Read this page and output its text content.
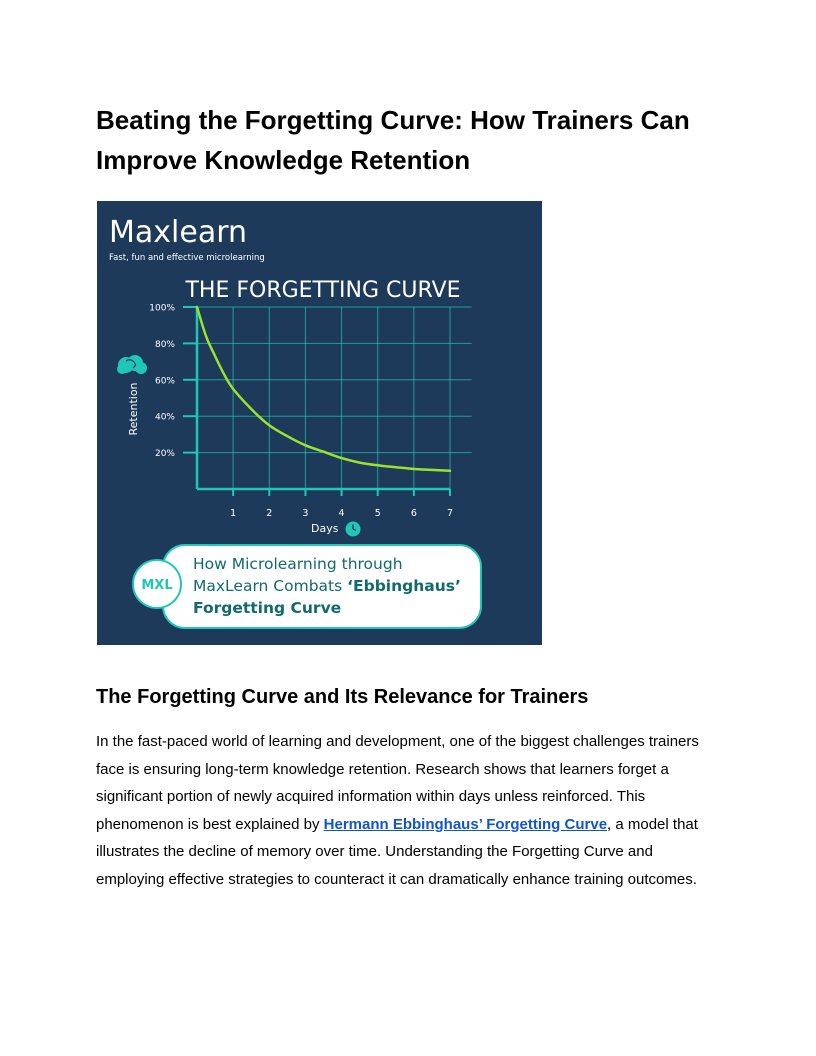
Beating the Forgetting Curve: How Trainers Can Improve Knowledge Retention
Maxlearn
Fast, fun and effective microlearning
THE FORGETTING CURVE
20%
40%
60%
80%
100%
1	2	3	4	5	6	7
Retention
Days
MXL
How Microlearning through
MaxLearn Combats ‘Ebbinghaus’
Forgetting Curve
The Forgetting Curve and Its Relevance for Trainers

In the fast-paced world of learning and development, one of the biggest challenges trainers face is ensuring long-term knowledge retention. Research shows that learners forget a significant portion of newly acquired information within days unless reinforced. This phenomenon is best explained by Hermann Ebbinghaus’ Forgetting Curve, a model that illustrates the decline of memory over time. Understanding the Forgetting Curve and employing effective strategies to counteract it can dramatically enhance training outcomes.
